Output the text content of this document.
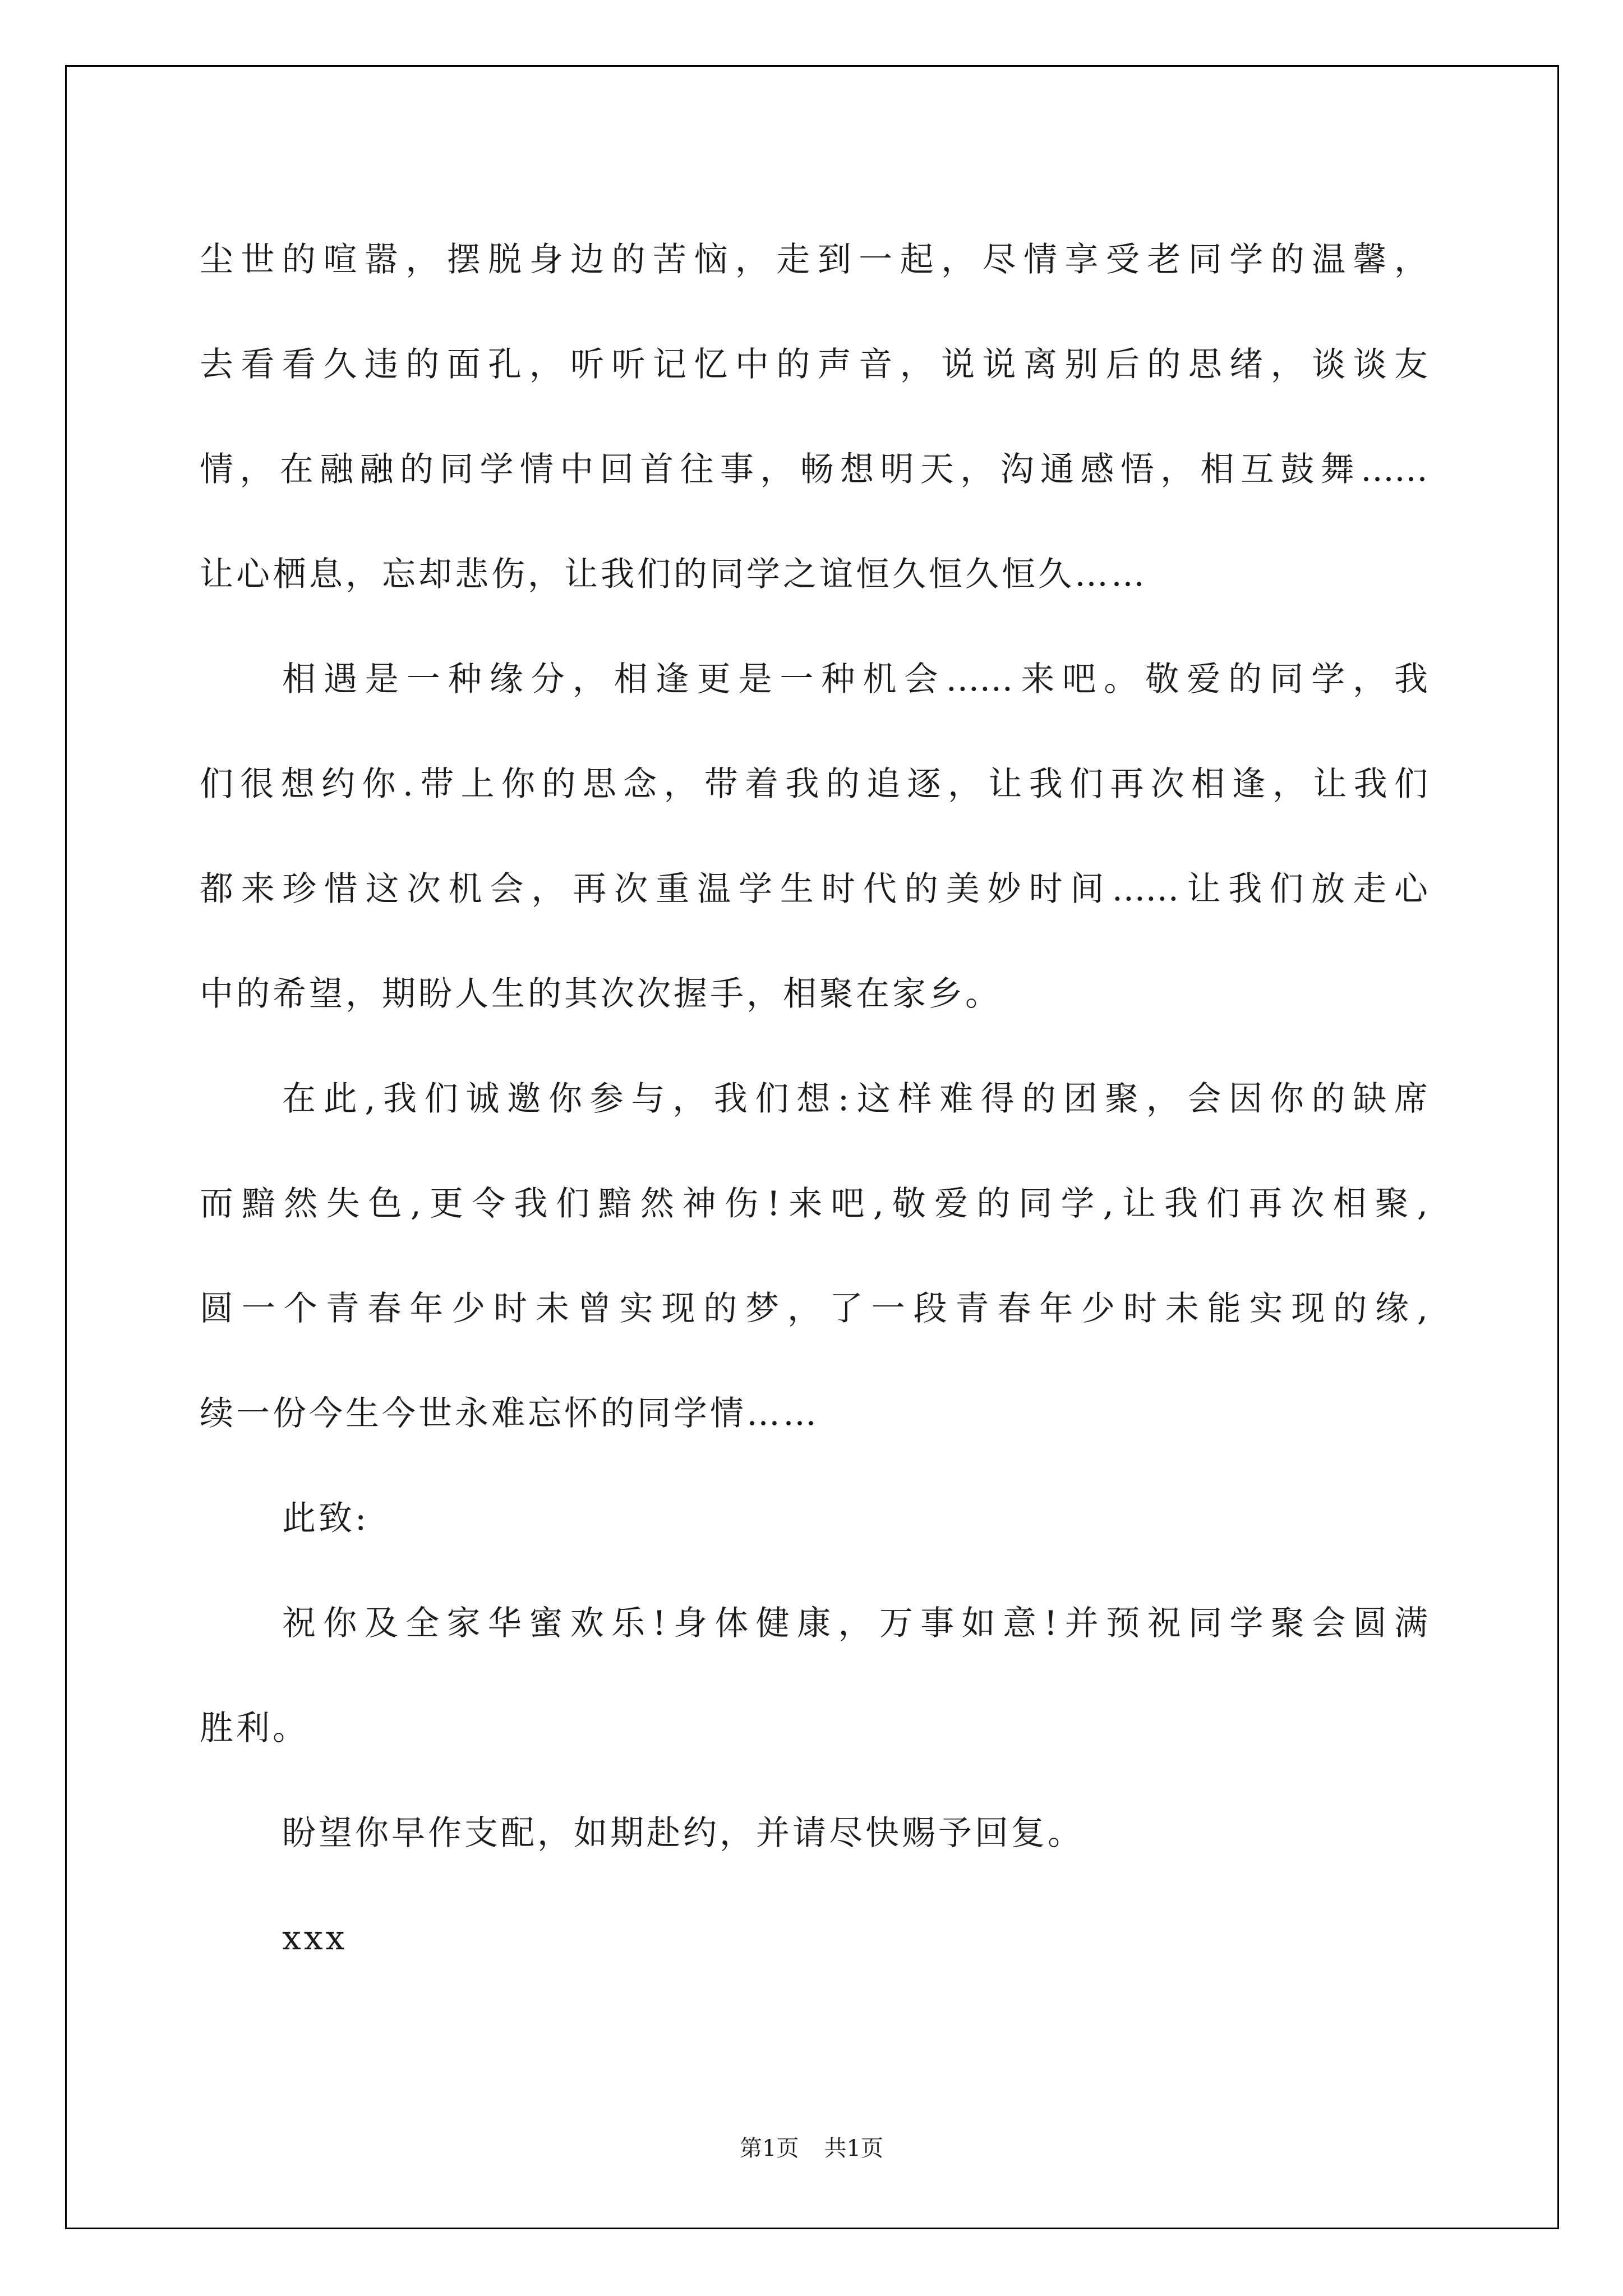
尘世的喧嚣，摆脱身边的苦恼，走到一起，尽情享受老同学的温馨，
去看看久违的面孔，听听记忆中的声音，说说离别后的思绪，谈谈友
情，在融融的同学情中回首往事，畅想明天，沟通感悟，相互鼓舞……
让心栖息，忘却悲伤，让我们的同学之谊恒久恒久恒久……
相遇是一种缘分，相逢更是一种机会……来吧。敬爱的同学，我
们很想约你.带上你的思念，带着我的追逐，让我们再次相逢，让我们
都来珍惜这次机会，再次重温学生时代的美妙时间……让我们放走心
中的希望，期盼人生的其次次握手，相聚在家乡。
在此,我们诚邀你参与，我们想:这样难得的团聚，会因你的缺席
而黯然失色,更令我们黯然神伤!来吧,敬爱的同学,让我们再次相聚,
圆一个青春年少时未曾实现的梦，了一段青春年少时未能实现的缘,
续一份今生今世永难忘怀的同学情……
此致:
祝你及全家华蜜欢乐!身体健康，万事如意!并预祝同学聚会圆满
胜利。
盼望你早作支配，如期赴约，并请尽快赐予回复。
xxx
第1页 共1页
